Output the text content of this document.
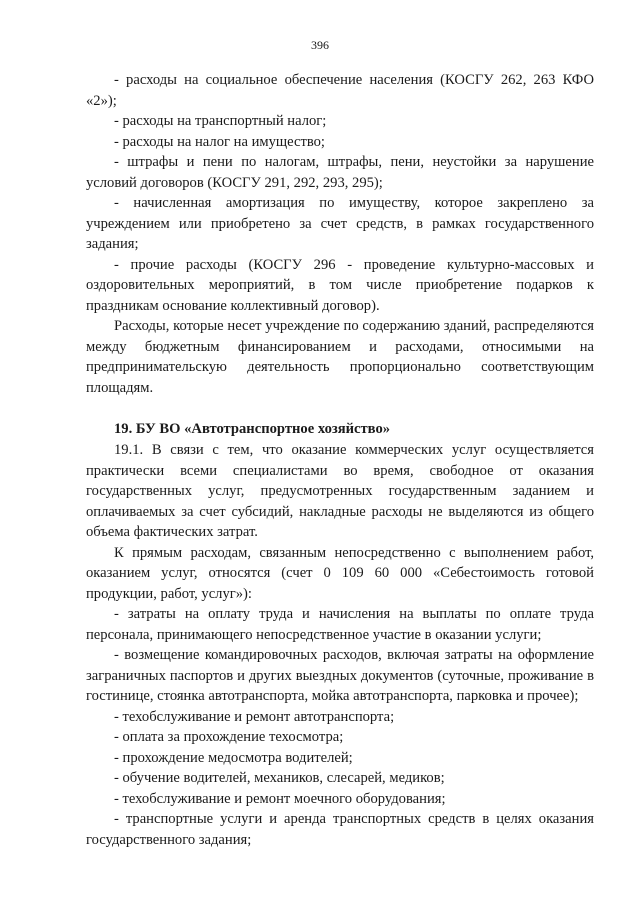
396

- расходы на социальное обеспечение населения (КОСГУ 262, 263 КФО «2»);

- расходы на транспортный налог;

- расходы на налог на имущество;

- штрафы и пени по налогам, штрафы, пени, неустойки за нарушение условий договоров (КОСГУ 291, 292, 293, 295);

- начисленная амортизация по имуществу, которое закреплено за учреждением или приобретено за счет средств, в рамках государственного задания;

- прочие расходы (КОСГУ 296 - проведение культурно-массовых и оздоровительных мероприятий, в том числе приобретение подарков к праздникам основание коллективный договор).

Расходы, которые несет учреждение по содержанию зданий, распределяются между бюджетным финансированием и расходами, относимыми на предпринимательскую деятельность пропорционально соответствующим площадям.

19. БУ ВО «Автотранспортное хозяйство»

19.1. В связи с тем, что оказание коммерческих услуг осуществляется практически всеми специалистами во время, свободное от оказания государственных услуг, предусмотренных государственным заданием и оплачиваемых за счет субсидий, накладные расходы не выделяются из общего объема фактических затрат.

К прямым расходам, связанным непосредственно с выполнением работ, оказанием услуг, относятся (счет 0 109 60 000 «Себестоимость готовой продукции, работ, услуг»):

- затраты на оплату труда и начисления на выплаты по оплате труда персонала, принимающего непосредственное участие в оказании услуги;

- возмещение командировочных расходов, включая затраты на оформление заграничных паспортов и других выездных документов (суточные, проживание в гостинице, стоянка автотранспорта, мойка автотранспорта, парковка и прочее);

- техобслуживание и ремонт автотранспорта;

- оплата за прохождение техосмотра;

- прохождение медосмотра водителей;

- обучение водителей, механиков, слесарей, медиков;

- техобслуживание и ремонт моечного оборудования;

- транспортные услуги и аренда транспортных средств в целях оказания государственного задания;
